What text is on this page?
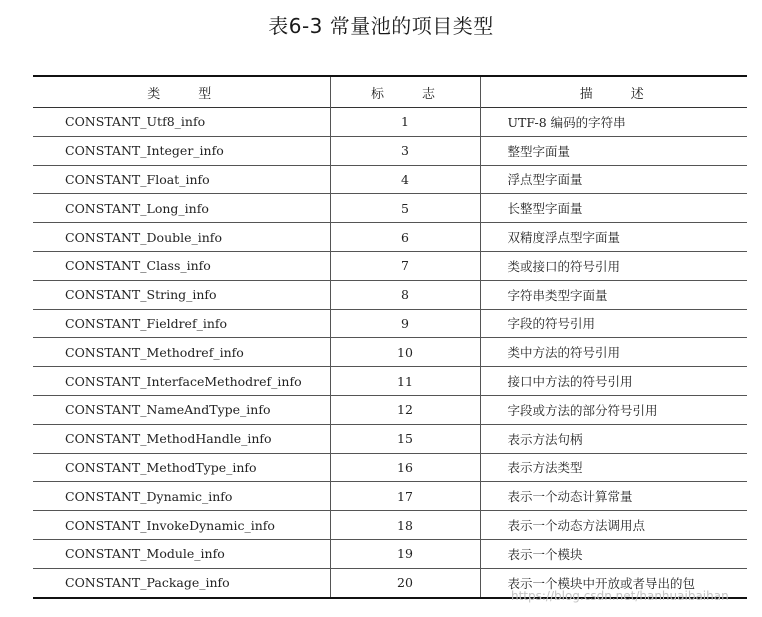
表6-3 常量池的项目类型
类　　型	标　　志	描　　述
CONSTANT_Utf8_info	1	UTF-8 编码的字符串
CONSTANT_Integer_info	3	整型字面量
CONSTANT_Float_info	4	浮点型字面量
CONSTANT_Long_info	5	长整型字面量
CONSTANT_Double_info	6	双精度浮点型字面量
CONSTANT_Class_info	7	类或接口的符号引用
CONSTANT_String_info	8	字符串类型字面量
CONSTANT_Fieldref_info	9	字段的符号引用
CONSTANT_Methodref_info	10	类中方法的符号引用
CONSTANT_InterfaceMethodref_info	11	接口中方法的符号引用
CONSTANT_NameAndType_info	12	字段或方法的部分符号引用
CONSTANT_MethodHandle_info	15	表示方法句柄
CONSTANT_MethodType_info	16	表示方法类型
CONSTANT_Dynamic_info	17	表示一个动态计算常量
CONSTANT_InvokeDynamic_info	18	表示一个动态方法调用点
CONSTANT_Module_info	19	表示一个模块
CONSTANT_Package_info	20	表示一个模块中开放或者导出的包
https://blog.csdn.net/hanhuaibaihan
